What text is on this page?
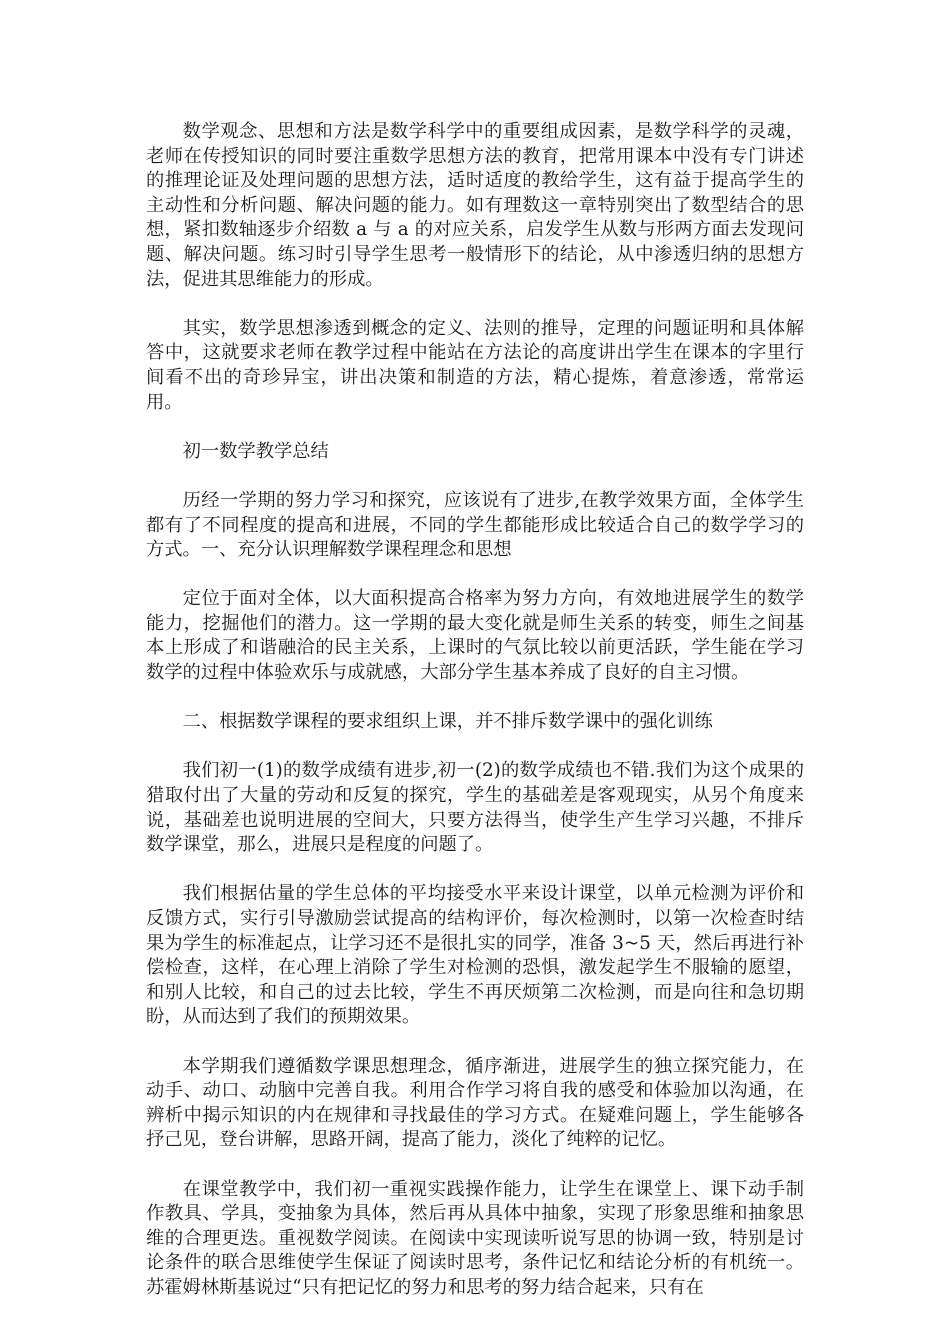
数学观念、思想和方法是数学科学中的重要组成因素，是数学科学的灵魂，老师在传授知识的同时要注重数学思想方法的教育，把常用课本中没有专门讲述的推理论证及处理问题的思想方法，适时适度的教给学生，这有益于提高学生的主动性和分析问题、解决问题的能力。如有理数这一章特别突出了数型结合的思想，紧扣数轴逐步介绍数 a 与 a 的对应关系，启发学生从数与形两方面去发现问题、解决问题。练习时引导学生思考一般情形下的结论，从中渗透归纳的思想方法，促进其思维能力的形成。

其实，数学思想渗透到概念的定义、法则的推导，定理的问题证明和具体解答中，这就要求老师在教学过程中能站在方法论的高度讲出学生在课本的字里行间看不出的奇珍异宝，讲出决策和制造的方法，精心提炼，着意渗透，常常运用。

初一数学教学总结

历经一学期的努力学习和探究，应该说有了进步,在教学效果方面，全体学生都有了不同程度的提高和进展，不同的学生都能形成比较适合自己的数学学习的方式。一、充分认识理解数学课程理念和思想

定位于面对全体，以大面积提高合格率为努力方向，有效地进展学生的数学能力，挖掘他们的潜力。这一学期的最大变化就是师生关系的转变，师生之间基本上形成了和谐融洽的民主关系，上课时的气氛比较以前更活跃，学生能在学习数学的过程中体验欢乐与成就感，大部分学生基本养成了良好的自主习惯。

二、根据数学课程的要求组织上课，并不排斥数学课中的强化训练

我们初一(1)的数学成绩有进步,初一(2)的数学成绩也不错.我们为这个成果的猎取付出了大量的劳动和反复的探究，学生的基础差是客观现实，从另个角度来说，基础差也说明进展的空间大，只要方法得当，使学生产生学习兴趣，不排斥数学课堂，那么，进展只是程度的问题了。

我们根据估量的学生总体的平均接受水平来设计课堂，以单元检测为评价和反馈方式，实行引导激励尝试提高的结构评价，每次检测时，以第一次检查时结果为学生的标准起点，让学习还不是很扎实的同学，准备 3~5 天，然后再进行补偿检查，这样，在心理上消除了学生对检测的恐惧，激发起学生不服输的愿望，和别人比较，和自己的过去比较，学生不再厌烦第二次检测，而是向往和急切期盼，从而达到了我们的预期效果。

本学期我们遵循数学课思想理念，循序渐进，进展学生的独立探究能力，在动手、动口、动脑中完善自我。利用合作学习将自我的感受和体验加以沟通，在辨析中揭示知识的内在规律和寻找最佳的学习方式。在疑难问题上，学生能够各抒己见，登台讲解，思路开阔，提高了能力，淡化了纯粹的记忆。

在课堂教学中，我们初一重视实践操作能力，让学生在课堂上、课下动手制作教具、学具，变抽象为具体，然后再从具体中抽象，实现了形象思维和抽象思维的合理更迭。重视数学阅读。在阅读中实现读听说写思的协调一致，特别是讨论条件的联合思维使学生保证了阅读时思考，条件记忆和结论分析的有机统一。苏霍姆林斯基说过“只有把记忆的努力和思考的努力结合起来，只有在
